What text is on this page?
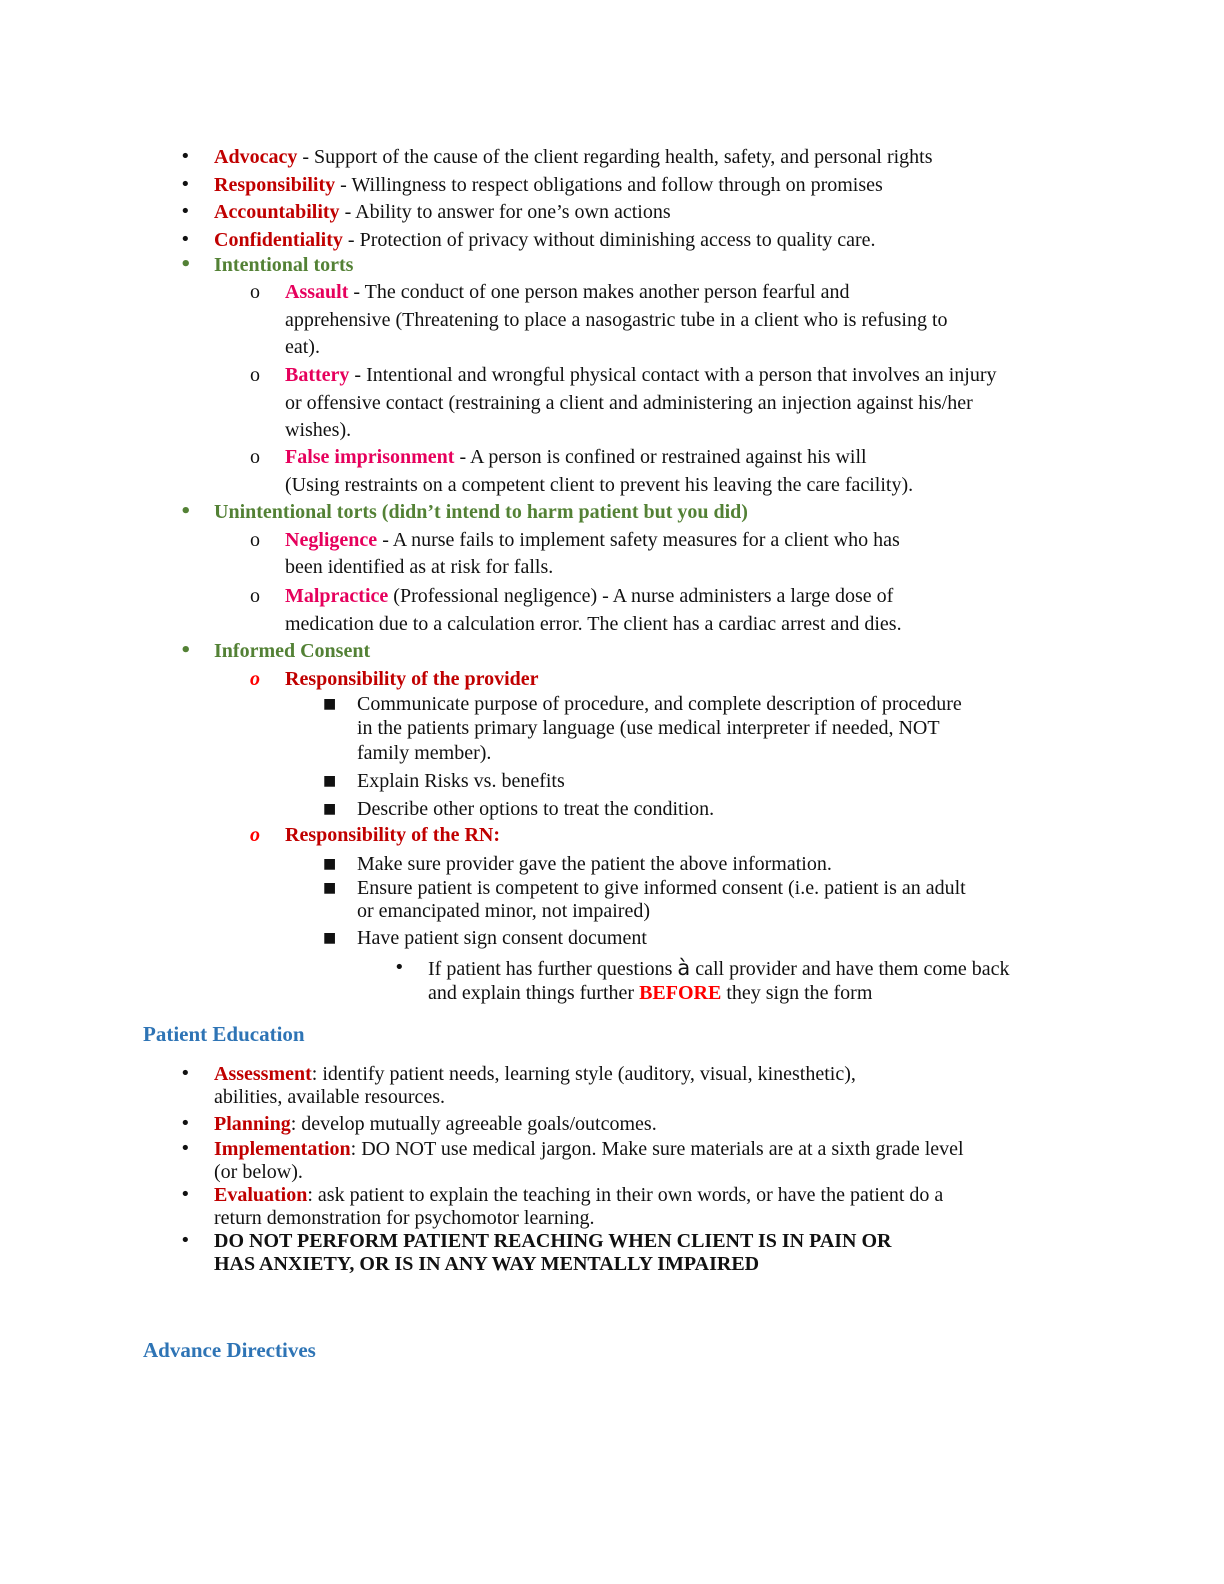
• Advocacy - Support of the cause of the client regarding health, safety, and personal rights
• Responsibility - Willingness to respect obligations and follow through on promises
• Accountability - Ability to answer for one’s own actions
• Confidentiality - Protection of privacy without diminishing access to quality care.
• Intentional torts
o Assault - The conduct of one person makes another person fearful and
apprehensive (Threatening to place a nasogastric tube in a client who is refusing to
eat).
o Battery - Intentional and wrongful physical contact with a person that involves an injury
or offensive contact (restraining a client and administering an injection against his/her
wishes).
o False imprisonment - A person is confined or restrained against his will
(Using restraints on a competent client to prevent his leaving the care facility).
• Unintentional torts (didn’t intend to harm patient but you did)
o Negligence - A nurse fails to implement safety measures for a client who has
been identified as at risk for falls.
o Malpractice (Professional negligence) - A nurse administers a large dose of
medication due to a calculation error. The client has a cardiac arrest and dies.
• Informed Consent
o Responsibility of the provider
■ Communicate purpose of procedure, and complete description of procedure
in the patients primary language (use medical interpreter if needed, NOT
family member).
■ Explain Risks vs. benefits
■ Describe other options to treat the condition.
o Responsibility of the RN:
■ Make sure provider gave the patient the above information.
■ Ensure patient is competent to give informed consent (i.e. patient is an adult
or emancipated minor, not impaired)
■ Have patient sign consent document
• If patient has further questions à call provider and have them come back
and explain things further BEFORE they sign the form
Patient Education
• Assessment: identify patient needs, learning style (auditory, visual, kinesthetic),
abilities, available resources.
• Planning: develop mutually agreeable goals/outcomes.
• Implementation: DO NOT use medical jargon. Make sure materials are at a sixth grade level
(or below).
• Evaluation: ask patient to explain the teaching in their own words, or have the patient do a
return demonstration for psychomotor learning.
• DO NOT PERFORM PATIENT REACHING WHEN CLIENT IS IN PAIN OR
HAS ANXIETY, OR IS IN ANY WAY MENTALLY IMPAIRED
Advance Directives
